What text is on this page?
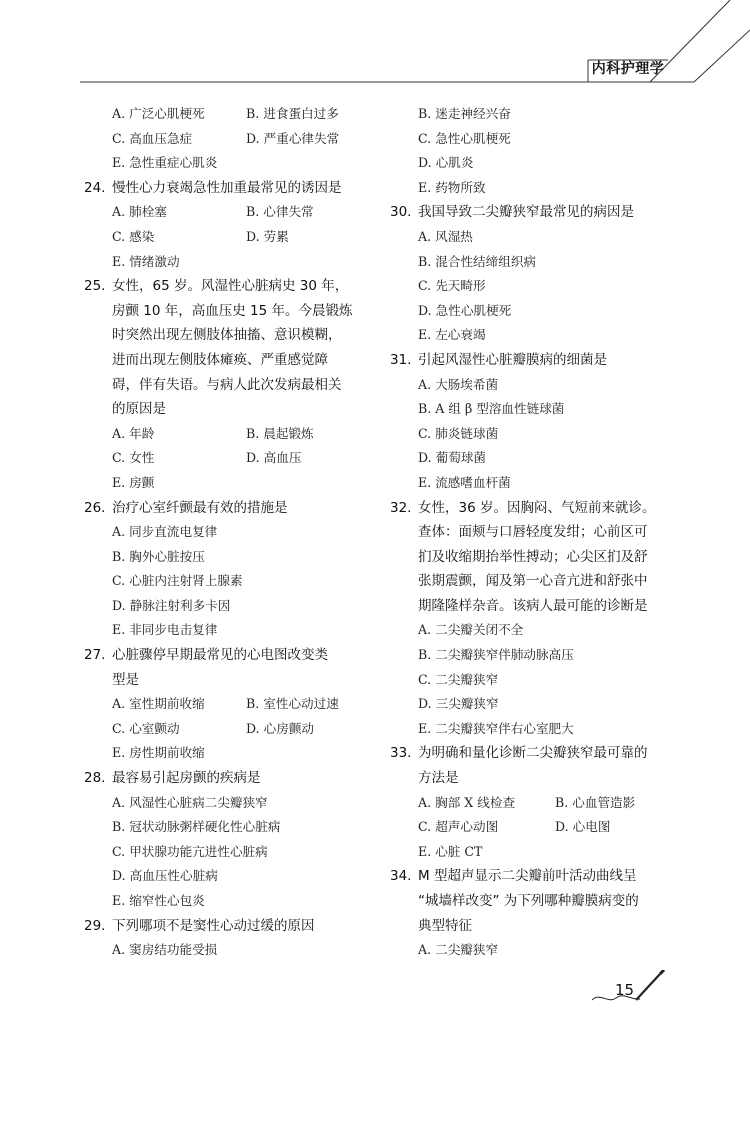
内科护理学
A. 广泛心肌梗死	B. 进食蛋白过多
C. 高血压急症	D. 严重心律失常
E. 急性重症心肌炎
24. 慢性心力衰竭急性加重最常见的诱因是
A. 肺栓塞	B. 心律失常
C. 感染	D. 劳累
E. 情绪激动
25. 女性，65 岁。风湿性心脏病史 30 年，
房颤 10 年，高血压史 15 年。今晨锻炼
时突然出现左侧肢体抽搐、意识模糊，
进而出现左侧肢体瘫痪、严重感觉障
碍，伴有失语。与病人此次发病最相关
的原因是
A. 年龄	B. 晨起锻炼
C. 女性	D. 高血压
E. 房颤
26. 治疗心室纤颤最有效的措施是
A. 同步直流电复律
B. 胸外心脏按压
C. 心脏内注射肾上腺素
D. 静脉注射利多卡因
E. 非同步电击复律
27. 心脏骤停早期最常见的心电图改变类
型是
A. 室性期前收缩	B. 室性心动过速
C. 心室颤动	D. 心房颤动
E. 房性期前收缩
28. 最容易引起房颤的疾病是
A. 风湿性心脏病二尖瓣狭窄
B. 冠状动脉粥样硬化性心脏病
C. 甲状腺功能亢进性心脏病
D. 高血压性心脏病
E. 缩窄性心包炎
29. 下列哪项不是窦性心动过缓的原因
A. 窦房结功能受损
B. 迷走神经兴奋
C. 急性心肌梗死
D. 心肌炎
E. 药物所致
30. 我国导致二尖瓣狭窄最常见的病因是
A. 风湿热
B. 混合性结缔组织病
C. 先天畸形
D. 急性心肌梗死
E. 左心衰竭
31. 引起风湿性心脏瓣膜病的细菌是
A. 大肠埃希菌
B. A 组 β 型溶血性链球菌
C. 肺炎链球菌
D. 葡萄球菌
E. 流感嗜血杆菌
32. 女性，36 岁。因胸闷、气短前来就诊。
查体：面颊与口唇轻度发绀；心前区可
扪及收缩期抬举性搏动；心尖区扪及舒
张期震颤，闻及第一心音亢进和舒张中
期隆隆样杂音。该病人最可能的诊断是
A. 二尖瓣关闭不全
B. 二尖瓣狭窄伴肺动脉高压
C. 二尖瓣狭窄
D. 三尖瓣狭窄
E. 二尖瓣狭窄伴右心室肥大
33. 为明确和量化诊断二尖瓣狭窄最可靠的
方法是
A. 胸部 X 线检查	B. 心血管造影
C. 超声心动图	D. 心电图
E. 心脏 CT
34. M 型超声显示二尖瓣前叶活动曲线呈
“城墙样改变” 为下列哪种瓣膜病变的
典型特征
A. 二尖瓣狭窄
15
